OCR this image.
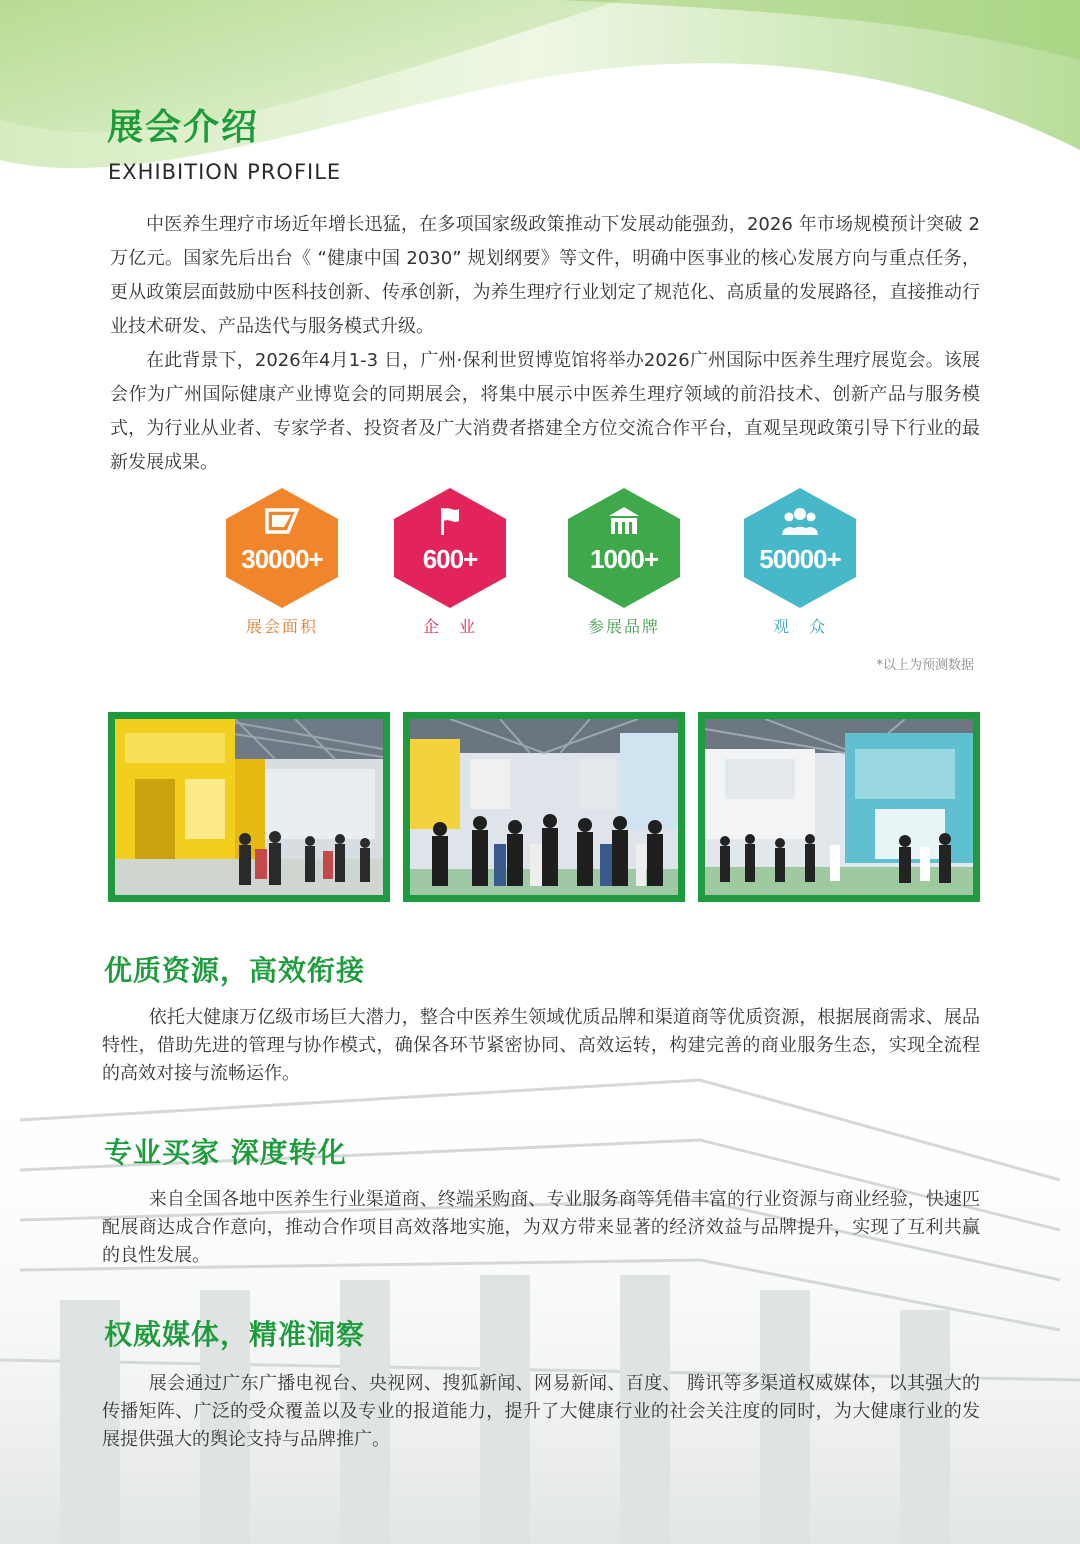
展会介绍
EXHIBITION PROFILE

中医养生理疗市场近年增长迅猛，在多项国家级政策推动下发展动能强劲，2026 年市场规模预计突破 2 万亿元。国家先后出台《 “健康中国 2030” 规划纲要》等文件，明确中医事业的核心发展方向与重点任务，更从政策层面鼓励中医科技创新、传承创新，为养生理疗行业划定了规范化、高质量的发展路径，直接推动行业技术研发、产品迭代与服务模式升级。

在此背景下，2026年4月1-3 日，广州·保利世贸博览馆将举办2026广州国际中医养生理疗展览会。该展会作为广州国际健康产业博览会的同期展会，将集中展示中医养生理疗领域的前沿技术、创新产品与服务模式，为行业从业者、专家学者、投资者及广大消费者搭建全方位交流合作平台，直观呈现政策引导下行业的最新发展成果。

30000+
展会面积
600+
企　业
1000+
参展品牌
50000+
观　众
*以上为预测数据
优质资源，高效衔接

依托大健康万亿级市场巨大潜力，整合中医养生领域优质品牌和渠道商等优质资源，根据展商需求、展品特性，借助先进的管理与协作模式，确保各环节紧密协同、高效运转，构建完善的商业服务生态，实现全流程的高效对接与流畅运作。

专业买家 深度转化

来自全国各地中医养生行业渠道商、终端采购商、专业服务商等凭借丰富的行业资源与商业经验，快速匹配展商达成合作意向，推动合作项目高效落地实施，为双方带来显著的经济效益与品牌提升，实现了互利共赢的良性发展。

权威媒体，精准洞察

展会通过广东广播电视台、央视网、搜狐新闻、网易新闻、百度、 腾讯等多渠道权威媒体，以其强大的传播矩阵、广泛的受众覆盖以及专业的报道能力，提升了大健康行业的社会关注度的同时，为大健康行业的发展提供强大的舆论支持与品牌推广。
